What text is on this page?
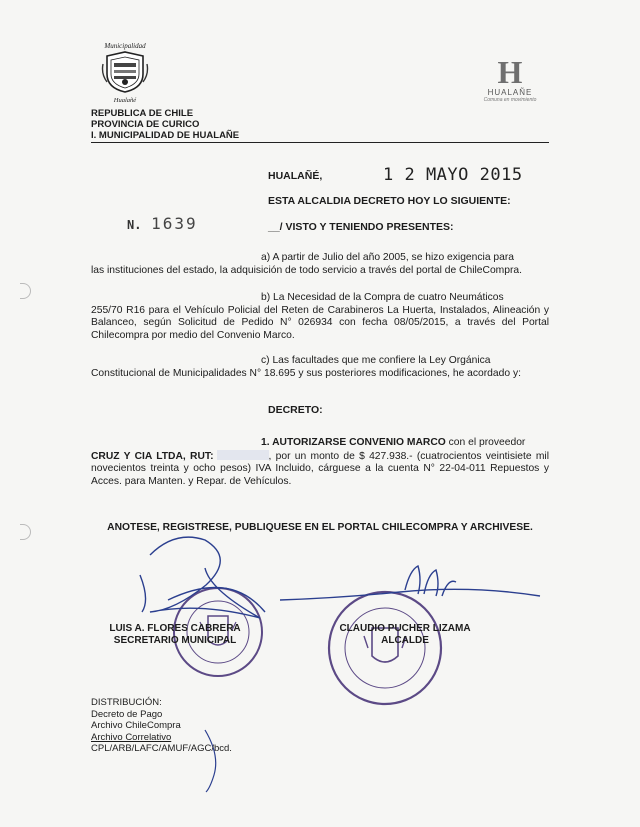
Municipalidad
Hualañé
H
HUALAÑE
Comuna en movimiento
REPUBLICA DE CHILE
PROVINCIA DE CURICO
I. MUNICIPALIDAD DE HUALAÑE
HUALAÑÉ,	1 2 MAYO 2015
ESTA ALCALDIA DECRETO HOY LO SIGUIENTE:
N. 1639	__/ VISTO Y TENIENDO PRESENTES:
a) A partir de Julio del año 2005, se hizo exigencia para
las instituciones del estado, la adquisición de todo servicio a través del portal de ChileCompra.
b) La Necesidad de la Compra de cuatro Neumáticos
255/70 R16 para el Vehículo Policial del Reten de Carabineros La Huerta, Instalados, Alineación y Balanceo, según Solicitud de Pedido N° 026934 con fecha 08/05/2015, a través del Portal Chilecompra por medio del Convenio Marco.
c) Las facultades que me confiere la Ley Orgánica
Constitucional de Municipalidades N° 18.695 y sus posteriores modificaciones, he acordado y:
DECRETO:
1. AUTORIZARSE CONVENIO MARCO con el proveedor
CRUZ Y CIA LTDA, RUT:	, por un monto de $ 427.938.- (cuatrocientos veintisiete mil novecientos treinta y ocho pesos) IVA Incluido, cárguese a la cuenta N° 22-04-011 Repuestos y Acces. para Manten. y Repar. de Vehículos.
ANOTESE, REGISTRESE, PUBLIQUESE EN EL PORTAL CHILECOMPRA Y ARCHIVESE.
LUIS A. FLORES CABRERA
SECRETARIO MUNICIPAL
CLAUDIO PUCHER LIZAMA
ALCALDE
DISTRIBUCIÓN:
Decreto de Pago
Archivo ChileCompra
Archivo Correlativo
CPL/ARB/LAFC/AMUF/AGC/bcd.
